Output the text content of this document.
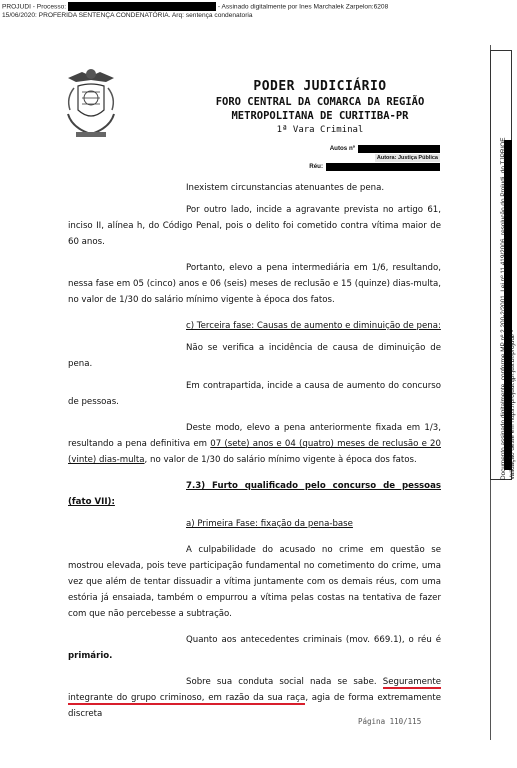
PROJUDI - Processo:	- Assinado digitalmente por Ines Marchalek Zarpelon:6208
15/06/2020: PROFERIDA SENTENÇA CONDENATÓRIA. Arq: sentença condenatoria
Documento assinado digitalmente, conforme MP nº 2.200-2/2001, Lei nº 11.419/2006, resolução do Projudi, do TJPR/OE Validação deste em https://projudi.tjpr.jus.br/projudi/ -
PODER JUDICIÁRIO
FORO CENTRAL DA COMARCA DA REGIÃO
METROPOLITANA DE CURITIBA-PR
1ª Vara Criminal
Autos nº
Autora: Justiça Pública
Réu:

Inexistem circunstancias atenuantes de pena.

Por outro lado, incide a agravante prevista no artigo 61, inciso II, alínea h, do Código Penal, pois o delito foi cometido contra vítima maior de 60 anos.

Portanto, elevo a pena intermediária em 1/6, resultando, nessa fase em 05 (cinco) anos e 06 (seis) meses de reclusão e 15 (quinze) dias-multa, no valor de 1/30 do salário mínimo vigente à época dos fatos.

c) Terceira fase: Causas de aumento e diminuição de pena:

Não se verifica a incidência de causa de diminuição de pena.

Em contrapartida, incide a causa de aumento do concurso de pessoas.

Deste modo, elevo a pena anteriormente fixada em 1/3, resultando a pena definitiva em 07 (sete) anos e 04 (quatro) meses de reclusão e 20 (vinte) dias-multa, no valor de 1/30 do salário mínimo vigente à época dos fatos.

7.3) Furto qualificado pelo concurso de pessoas (fato VII):

a) Primeira Fase: fixação da pena-base

A culpabilidade do acusado no crime em questão se mostrou elevada, pois teve participação fundamental no cometimento do crime, uma vez que além de tentar dissuadir a vítima juntamente com os demais réus, com uma estória já ensaiada, também o empurrou a vítima pelas costas na tentativa de fazer com que não percebesse a subtração.

Quanto aos antecedentes criminais (mov. 669.1), o réu é primário.

Sobre sua conduta social nada se sabe. Seguramente integrante do grupo criminoso, em razão da sua raça, agia de forma extremamente discreta

Página 110/115
